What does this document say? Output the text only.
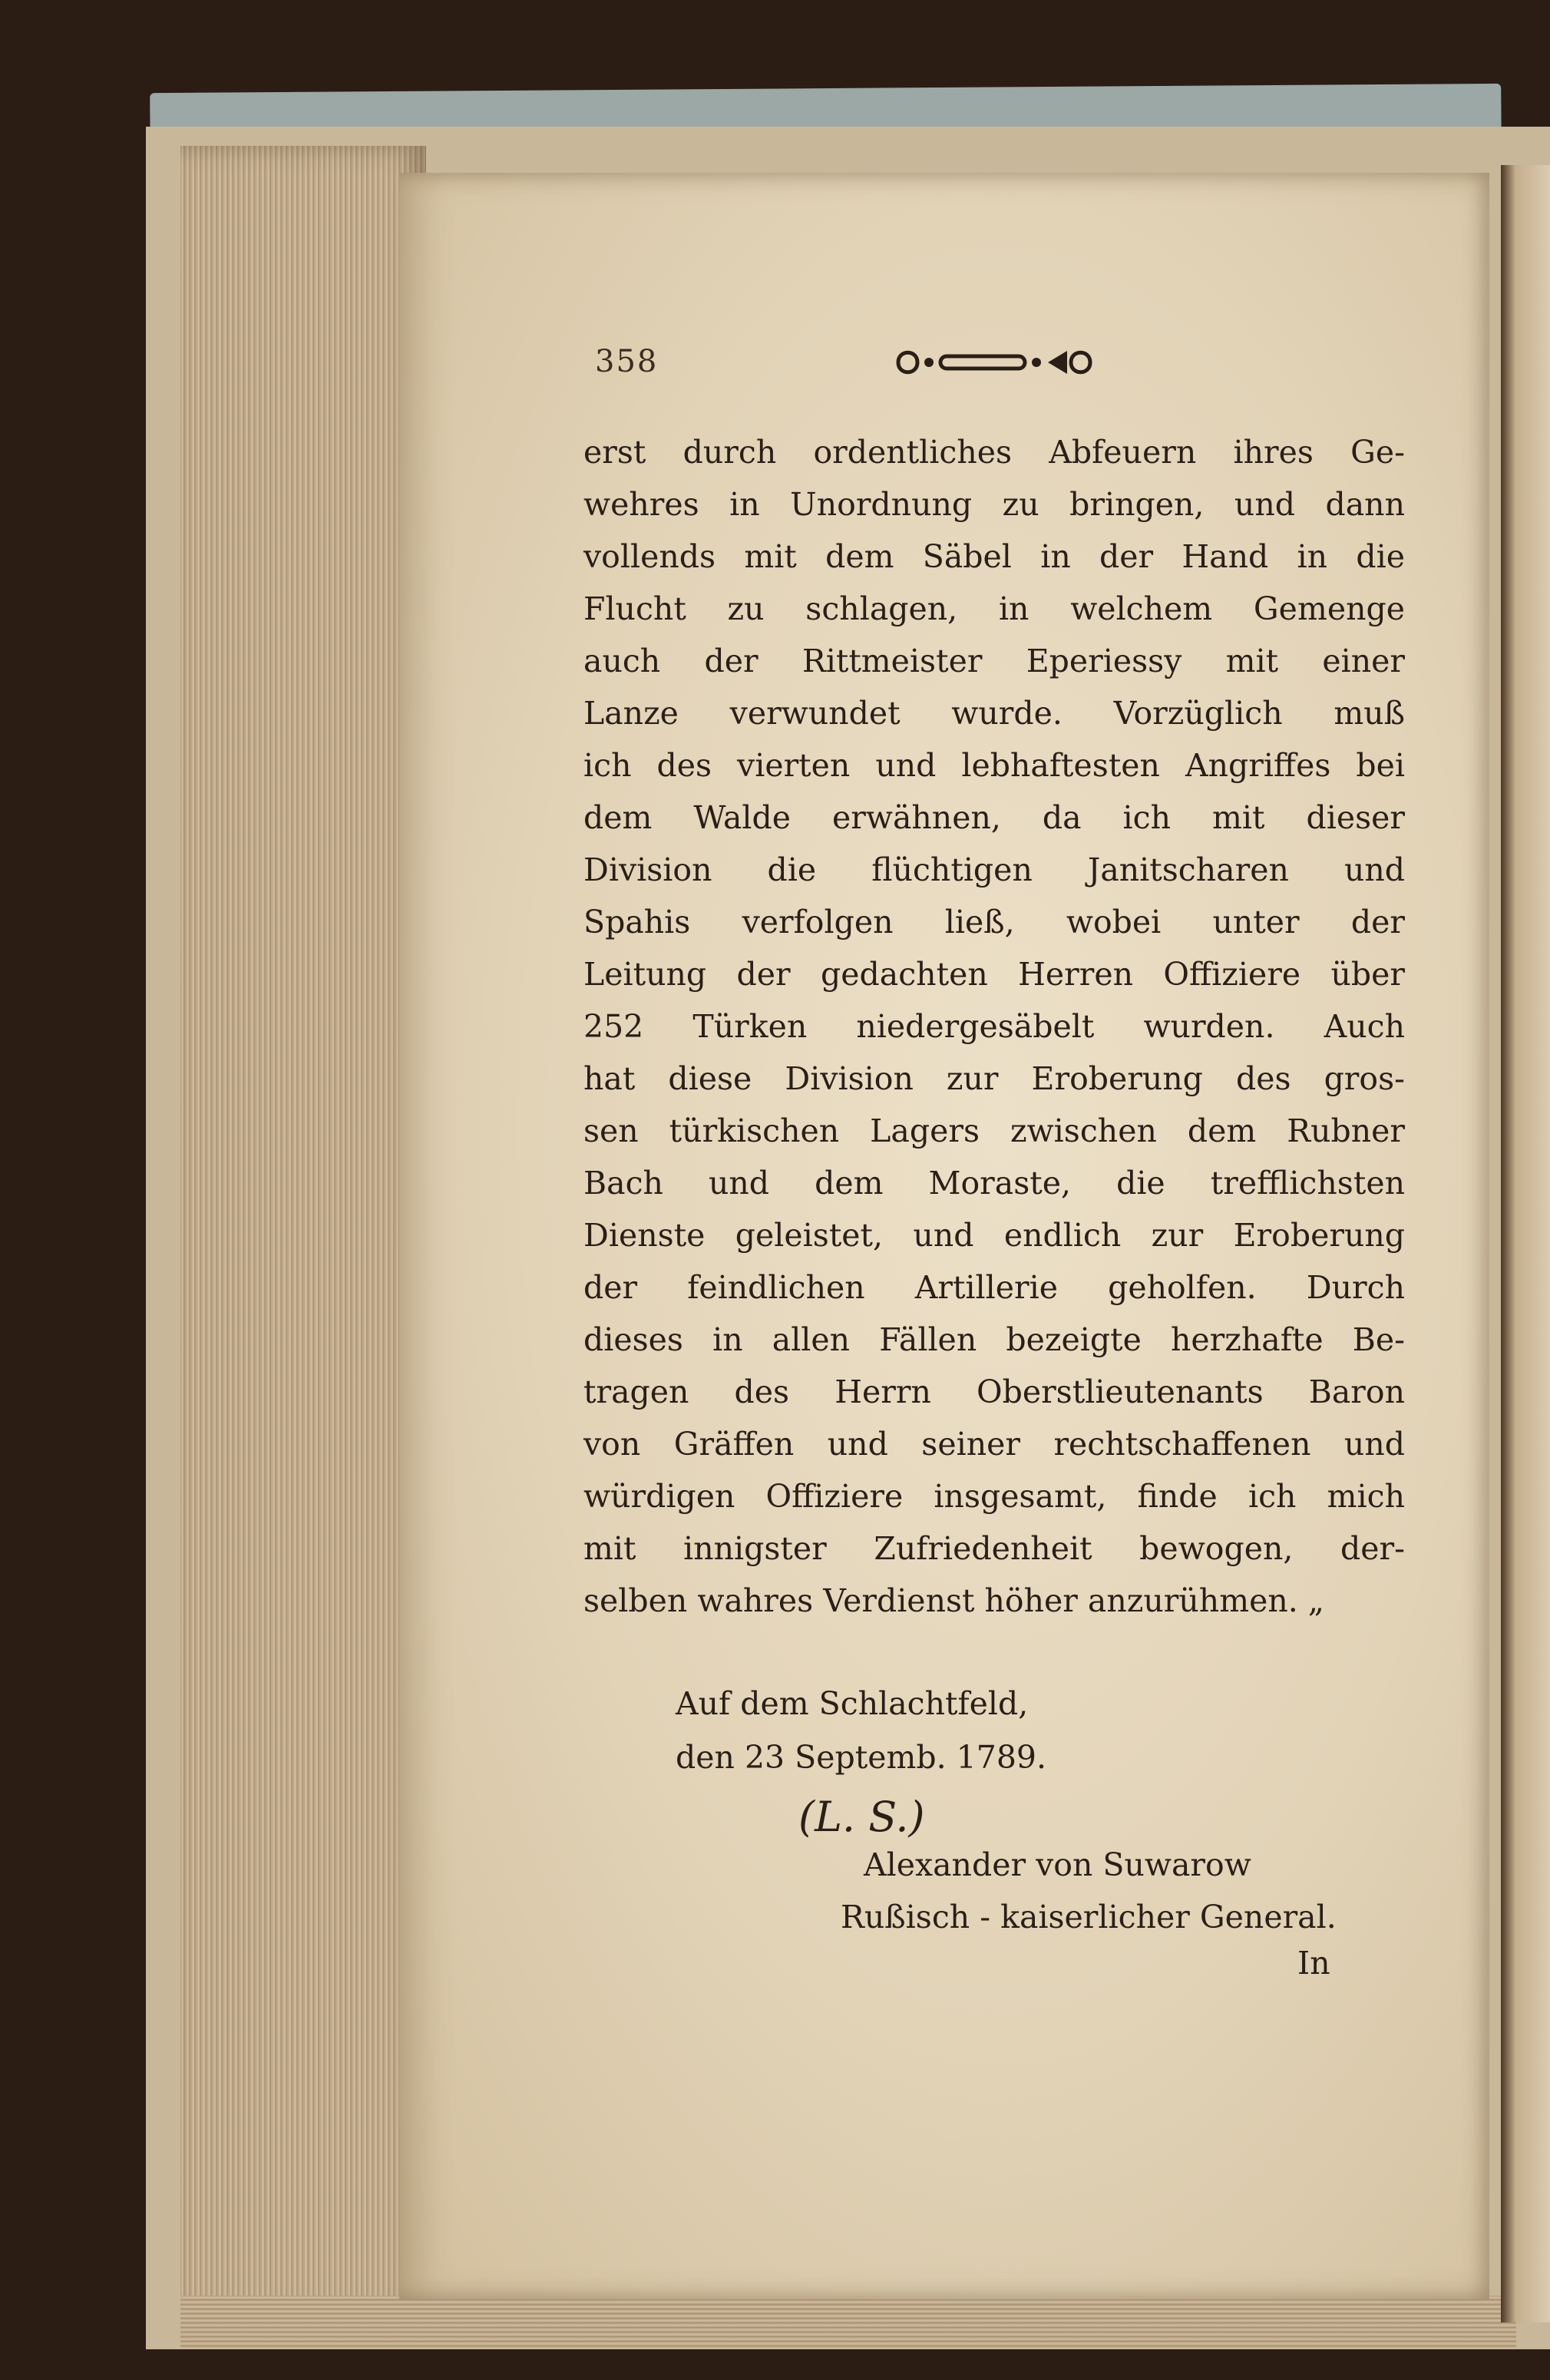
358
erst durch ordentliches Abfeuern ihres Ge-
wehres in Unordnung zu bringen, und dann
vollends mit dem Säbel in der Hand in die
Flucht zu schlagen, in welchem Gemenge
auch der Rittmeister Eperiessy mit einer
Lanze verwundet wurde. Vorzüglich muß
ich des vierten und lebhaftesten Angriffes bei
dem Walde erwähnen, da ich mit dieser
Division die flüchtigen Janitscharen und
Spahis verfolgen ließ, wobei unter der
Leitung der gedachten Herren Offiziere über
252 Türken niedergesäbelt wurden. Auch
hat diese Division zur Eroberung des gros-
sen türkischen Lagers zwischen dem Rubner
Bach und dem Moraste, die trefflichsten
Dienste geleistet, und endlich zur Eroberung
der feindlichen Artillerie geholfen. Durch
dieses in allen Fällen bezeigte herzhafte Be-
tragen des Herrn Oberstlieutenants Baron
von Gräffen und seiner rechtschaffenen und
würdigen Offiziere insgesamt, finde ich mich
mit innigster Zufriedenheit bewogen, der-
selben wahres Verdienst höher anzurühmen. „
Auf dem Schlachtfeld,
den 23 Septemb. 1789.
(L. S.)
Alexander von Suwarow
Rußisch - kaiserlicher General.
In
